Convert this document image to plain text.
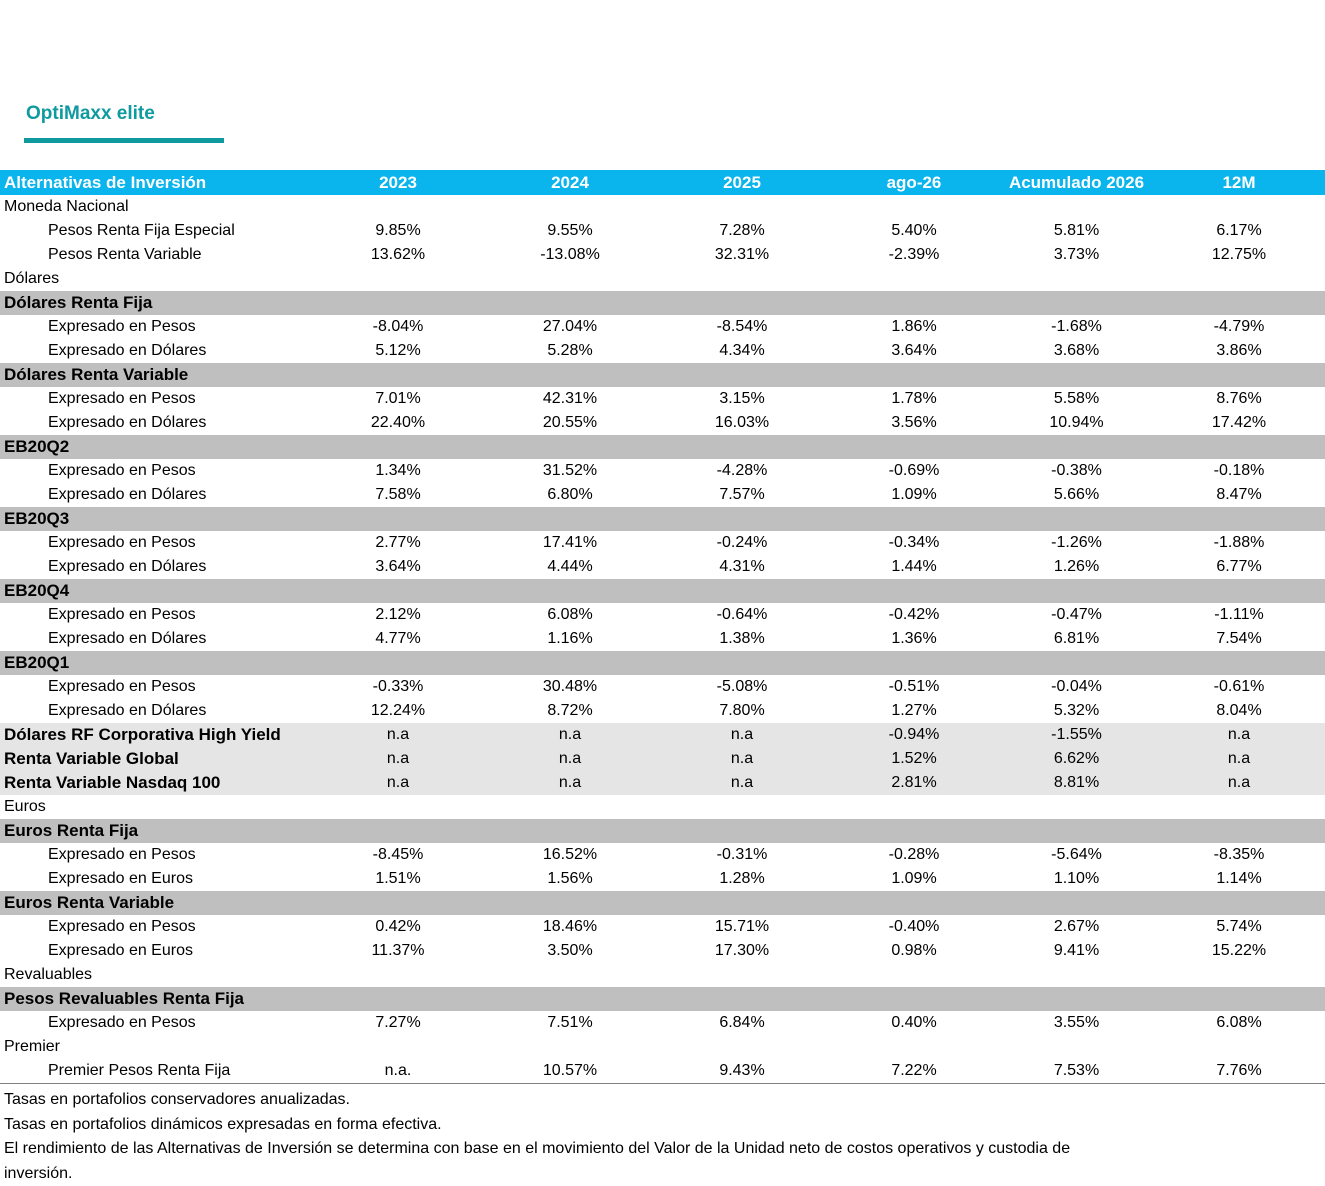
OptiMaxx elite
Alternativas de Inversión	2023	2024	2025	ago-26	Acumulado 2026	12M
Moneda Nacional
Pesos Renta Fija Especial	9.85%	9.55%	7.28%	5.40%	5.81%	6.17%
Pesos Renta Variable	13.62%	-13.08%	32.31%	-2.39%	3.73%	12.75%
Dólares
Dólares Renta Fija
Expresado en Pesos	-8.04%	27.04%	-8.54%	1.86%	-1.68%	-4.79%
Expresado en Dólares	5.12%	5.28%	4.34%	3.64%	3.68%	3.86%
Dólares Renta Variable
Expresado en Pesos	7.01%	42.31%	3.15%	1.78%	5.58%	8.76%
Expresado en Dólares	22.40%	20.55%	16.03%	3.56%	10.94%	17.42%
EB20Q2
Expresado en Pesos	1.34%	31.52%	-4.28%	-0.69%	-0.38%	-0.18%
Expresado en Dólares	7.58%	6.80%	7.57%	1.09%	5.66%	8.47%
EB20Q3
Expresado en Pesos	2.77%	17.41%	-0.24%	-0.34%	-1.26%	-1.88%
Expresado en Dólares	3.64%	4.44%	4.31%	1.44%	1.26%	6.77%
EB20Q4
Expresado en Pesos	2.12%	6.08%	-0.64%	-0.42%	-0.47%	-1.11%
Expresado en Dólares	4.77%	1.16%	1.38%	1.36%	6.81%	7.54%
EB20Q1
Expresado en Pesos	-0.33%	30.48%	-5.08%	-0.51%	-0.04%	-0.61%
Expresado en Dólares	12.24%	8.72%	7.80%	1.27%	5.32%	8.04%
Dólares RF Corporativa High Yield	n.a	n.a	n.a	-0.94%	-1.55%	n.a
Renta Variable Global	n.a	n.a	n.a	1.52%	6.62%	n.a
Renta Variable Nasdaq 100	n.a	n.a	n.a	2.81%	8.81%	n.a
Euros
Euros Renta Fija
Expresado en Pesos	-8.45%	16.52%	-0.31%	-0.28%	-5.64%	-8.35%
Expresado en Euros	1.51%	1.56%	1.28%	1.09%	1.10%	1.14%
Euros Renta Variable
Expresado en Pesos	0.42%	18.46%	15.71%	-0.40%	2.67%	5.74%
Expresado en Euros	11.37%	3.50%	17.30%	0.98%	9.41%	15.22%
Revaluables
Pesos Revaluables Renta Fija
Expresado en Pesos	7.27%	7.51%	6.84%	0.40%	3.55%	6.08%
Premier
Premier Pesos Renta Fija	n.a.	10.57%	9.43%	7.22%	7.53%	7.76%
Tasas en portafolios conservadores anualizadas.
Tasas en portafolios dinámicos expresadas en forma efectiva.
El rendimiento de las Alternativas de Inversión se determina con base en el movimiento del Valor de la Unidad neto de costos operativos y custodia de inversión.
